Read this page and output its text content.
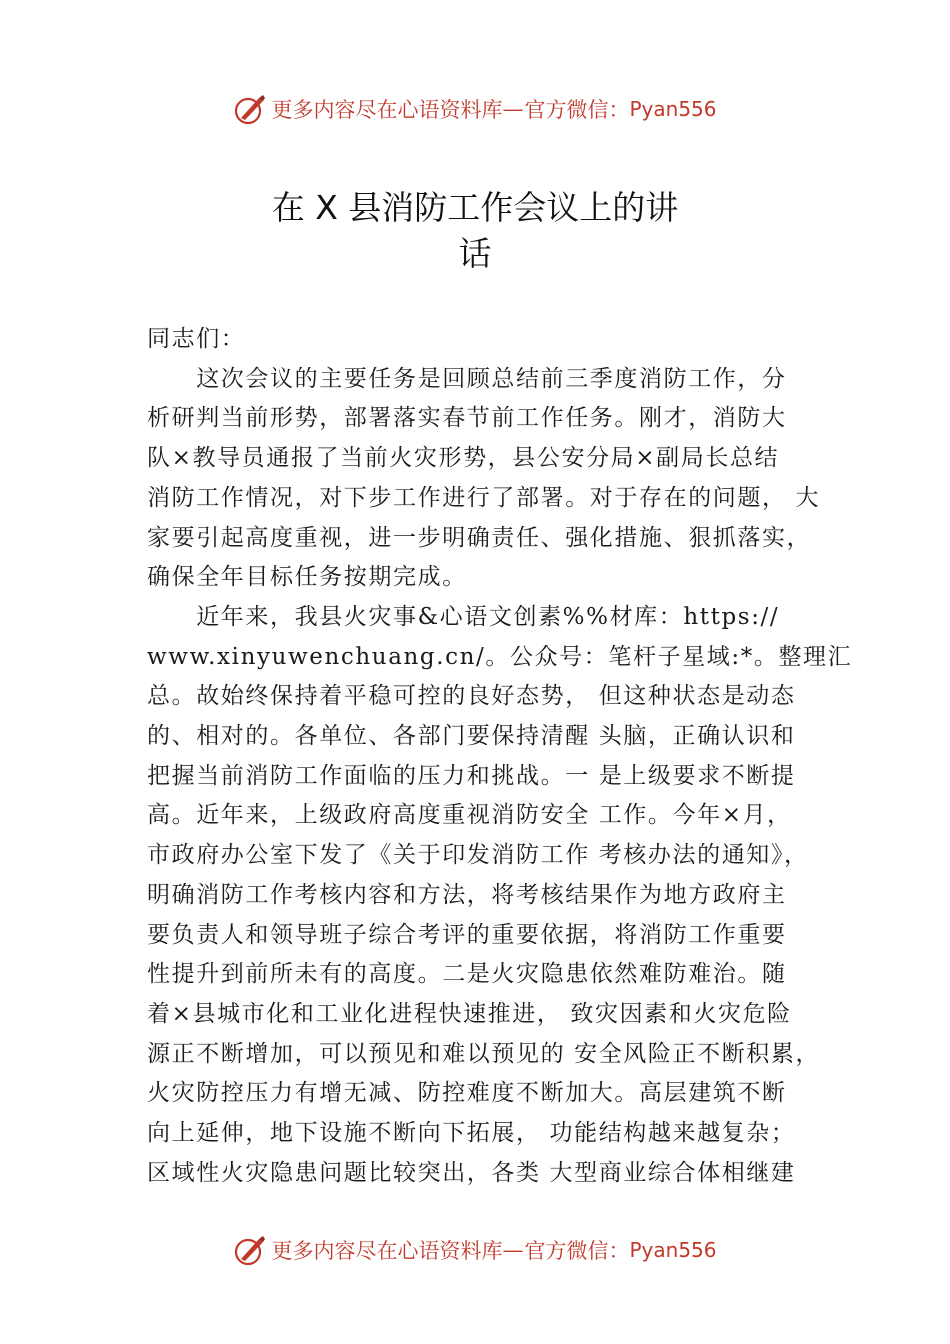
更多内容尽在心语资料库 — 官方微信： Pyan556
在 X 县消防工作会议上的讲
话
同志们：
　　这次会议的主要任务是回顾总结前三季度消防工作，分
析研判当前形势，部署落实春节前工作任务。刚才，消防大
队×教导员通报了当前火灾形势，县公安分局×副局长总结
消防工作情况，对下步工作进行了部署。对于存在的问题， 大
家要引起高度重视，进一步明确责任、强化措施、狠抓落实，
确保全年目标任务按期完成。
　　近年来，我县火灾事&心语文创素%%材库：https://
www.xinyuwenchuang.cn/。公众号：笔杆子星域:*。整理汇
总。故始终保持着平稳可控的良好态势， 但这种状态是动态
的、相对的。各单位、各部门要保持清醒 头脑，正确认识和
把握当前消防工作面临的压力和挑战。一 是上级要求不断提
高。近年来，上级政府高度重视消防安全 工作。今年×月，
市政府办公室下发了《关于印发消防工作 考核办法的通知》，
明确消防工作考核内容和方法，将考核结果作为地方政府主
要负责人和领导班子综合考评的重要依据，将消防工作重要
性提升到前所未有的高度。二是火灾隐患依然难防难治。随
着×县城市化和工业化进程快速推进， 致灾因素和火灾危险
源正不断增加，可以预见和难以预见的 安全风险正不断积累，
火灾防控压力有增无减、防控难度不断加大。高层建筑不断
向上延伸，地下设施不断向下拓展， 功能结构越来越复杂；
区域性火灾隐患问题比较突出，各类 大型商业综合体相继建
更多内容尽在心语资料库 — 官方微信： Pyan556
